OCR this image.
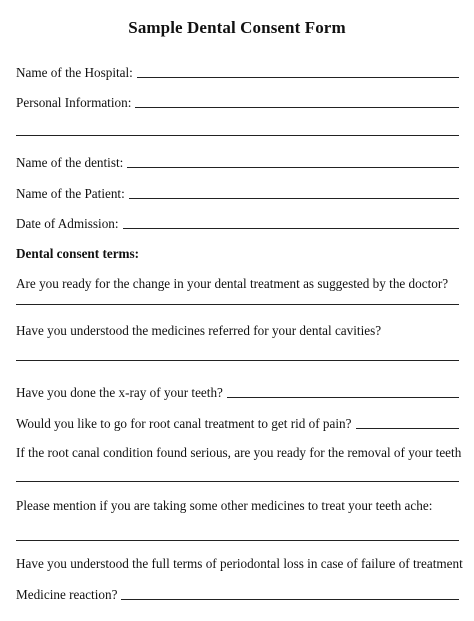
Sample Dental Consent Form
Name of the Hospital:
Personal Information:
Name of the dentist:
Name of the Patient:
Date of Admission:
Dental consent terms:
Are you ready for the change in your dental treatment as suggested by the doctor?
Have you understood the medicines referred for your dental cavities?
Have you done the x-ray of your teeth?
Would you like to go for root canal treatment to get rid of pain?
If the root canal condition found serious, are you ready for the removal of your teeth
Please mention if you are taking some other medicines to treat your teeth ache:
Have you understood the full terms of periodontal loss in case of failure of treatment
Medicine reaction?
